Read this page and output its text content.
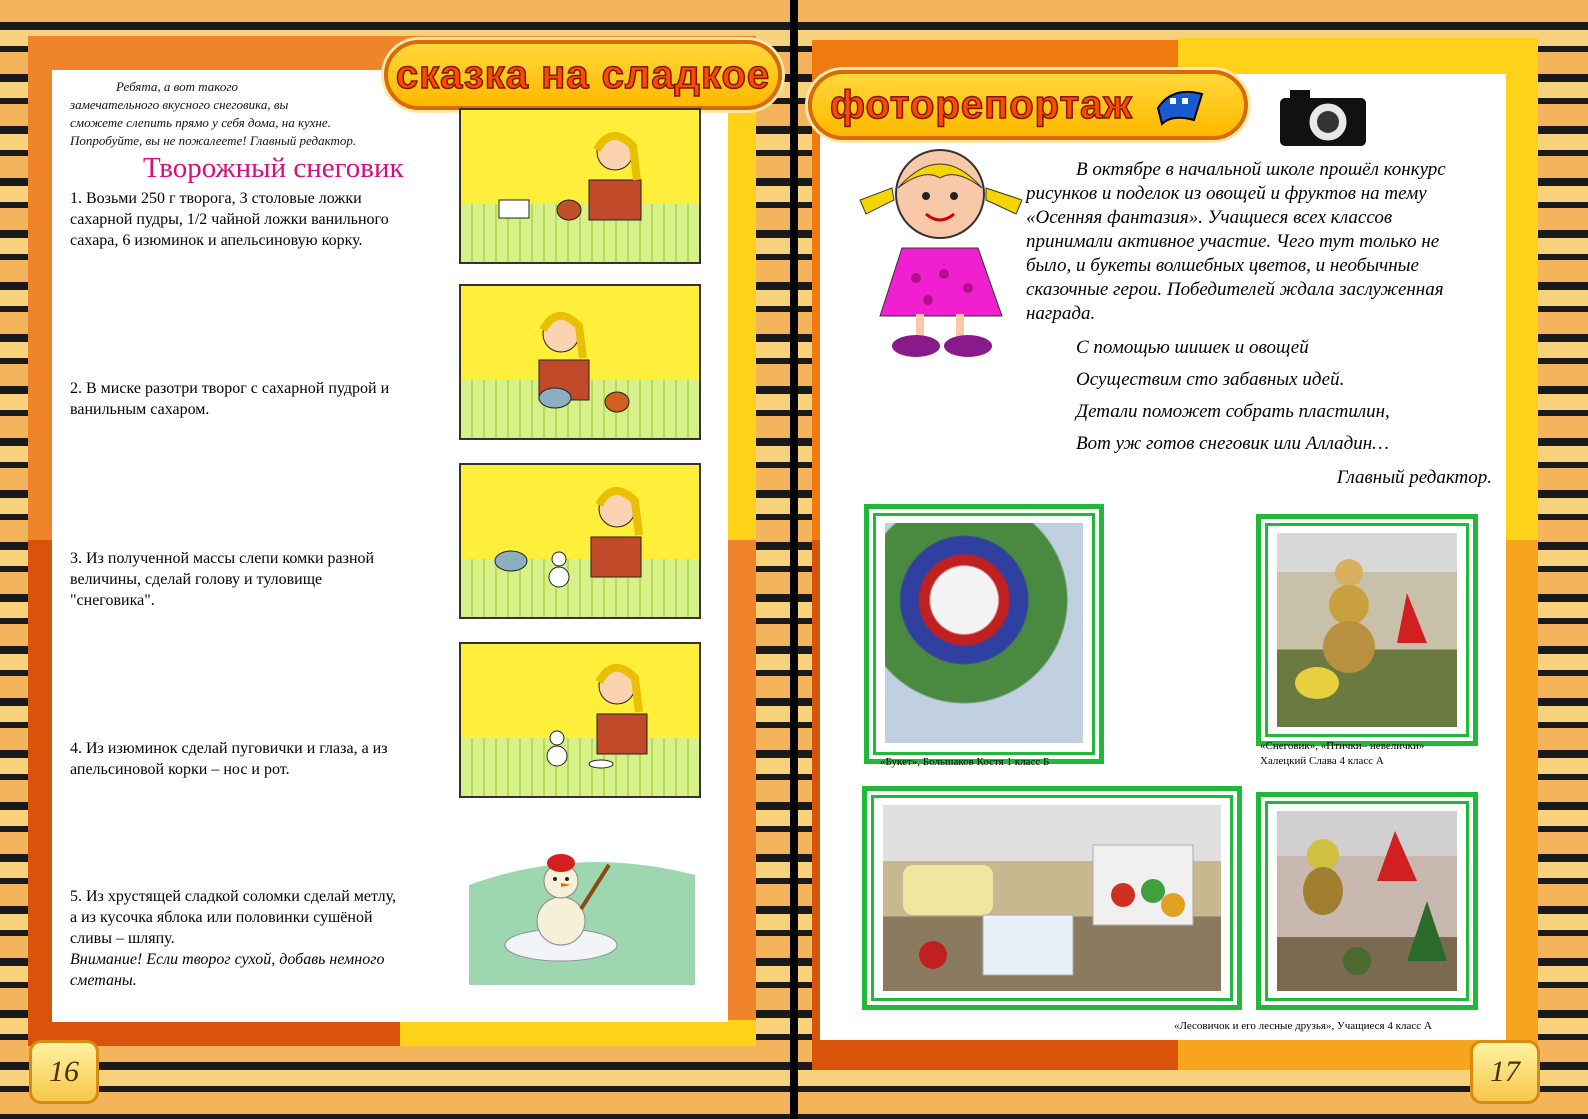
сказка на сладкое
Ребята, а вот такого
замечательного вкусного снеговика, вы
сможете слепить прямо у себя дома, на кухне.
Попробуйте, вы не пожалеете! Главный редактор.
Творожный снеговик
1. Возьми 250 г творога, 3 столовые ложки
сахарной пудры, 1/2 чайной ложки ванильного
сахара, 6 изюминок и апельсиновую корку.
2. В миске разотри творог с сахарной пудрой и
ванильным сахаром.
3. Из полученной массы слепи комки разной
величины, сделай голову и туловище
"снеговика".
4. Из изюминок сделай пуговички и глаза, а из
апельсиновой корки – нос и рот.
5. Из хрустящей сладкой соломки сделай метлу,
а из кусочка яблока или половинки сушёной
сливы – шляпу.
Внимание! Если творог сухой, добавь немного
сметаны.
16
фоторепортаж
В октябре в начальной школе прошёл конкурс
рисунков и поделок из овощей и фруктов на тему
«Осенняя фантазия». Учащиеся всех классов
принимали активное участие. Чего тут только не
было, и букеты волшебных цветов, и необычные
сказочные герои. Победителей ждала заслуженная
награда.
С помощью шишек и овощей
Осуществим сто забавных идей.
Детали поможет собрать пластилин,
Вот уж готов снеговик или Алладин…
Главный редактор.
«Букет», Большаков Костя 1 класс Б
«Снеговик», «Птички– невелички»
Халецкий Слава 4 класс А
«Лесовичок и его лесные друзья», Учащиеся 4 класс А
17
